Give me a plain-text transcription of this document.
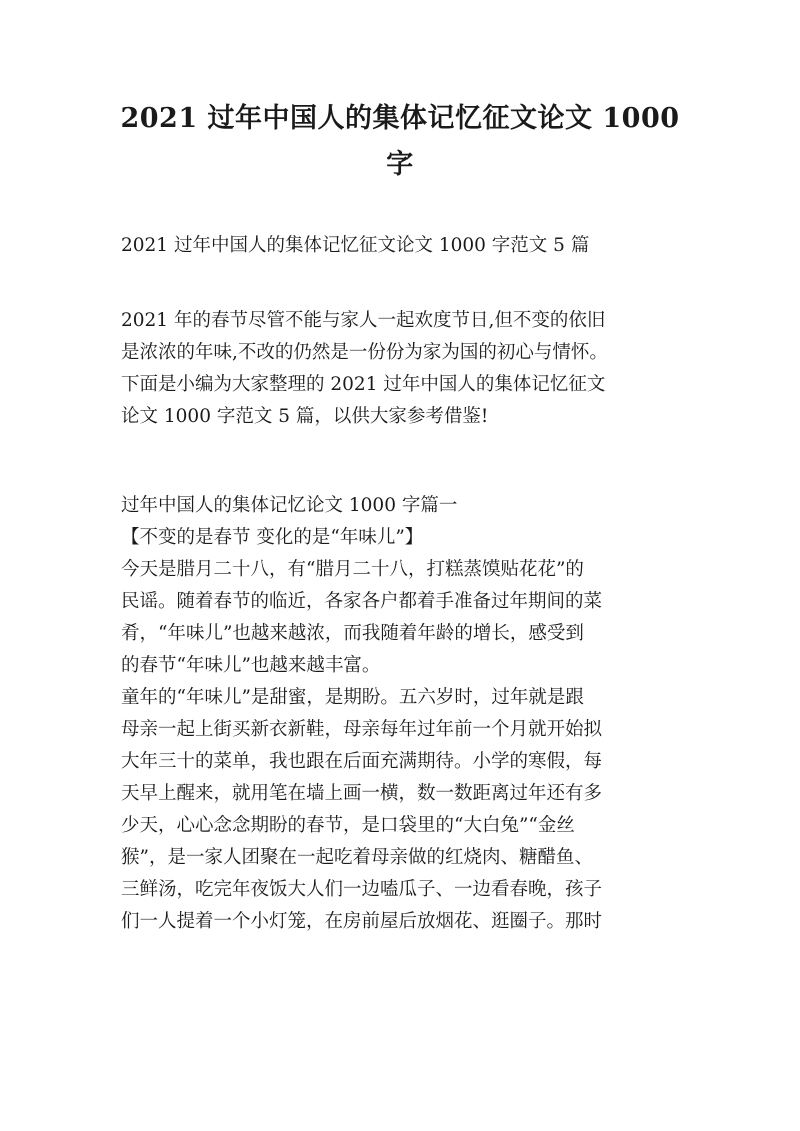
2021 过年中国人的集体记忆征文论文 1000
字

2021 过年中国人的集体记忆征文论文 1000 字范文 5 篇

2021 年的春节尽管不能与家人一起欢度节日,但不变的依旧
是浓浓的年味,不改的仍然是一份份为家为国的初心与情怀。
下面是小编为大家整理的 2021 过年中国人的集体记忆征文
论文 1000 字范文 5 篇，以供大家参考借鉴!
过年中国人的集体记忆论文 1000 字篇一
【不变的是春节 变化的是“年味儿”】
今天是腊月二十八，有“腊月二十八，打糕蒸馍贴花花”的
民谣。随着春节的临近，各家各户都着手准备过年期间的菜
肴，“年味儿”也越来越浓，而我随着年龄的增长，感受到
的春节“年味儿”也越来越丰富。
童年的“年味儿”是甜蜜，是期盼。五六岁时，过年就是跟
母亲一起上街买新衣新鞋，母亲每年过年前一个月就开始拟
大年三十的菜单，我也跟在后面充满期待。小学的寒假，每
天早上醒来，就用笔在墙上画一横，数一数距离过年还有多
少天，心心念念期盼的春节，是口袋里的“大白兔”“金丝
猴”，是一家人团聚在一起吃着母亲做的红烧肉、糖醋鱼、
三鲜汤，吃完年夜饭大人们一边嗑瓜子、一边看春晚，孩子
们一人提着一个小灯笼，在房前屋后放烟花、逛圈子。那时
